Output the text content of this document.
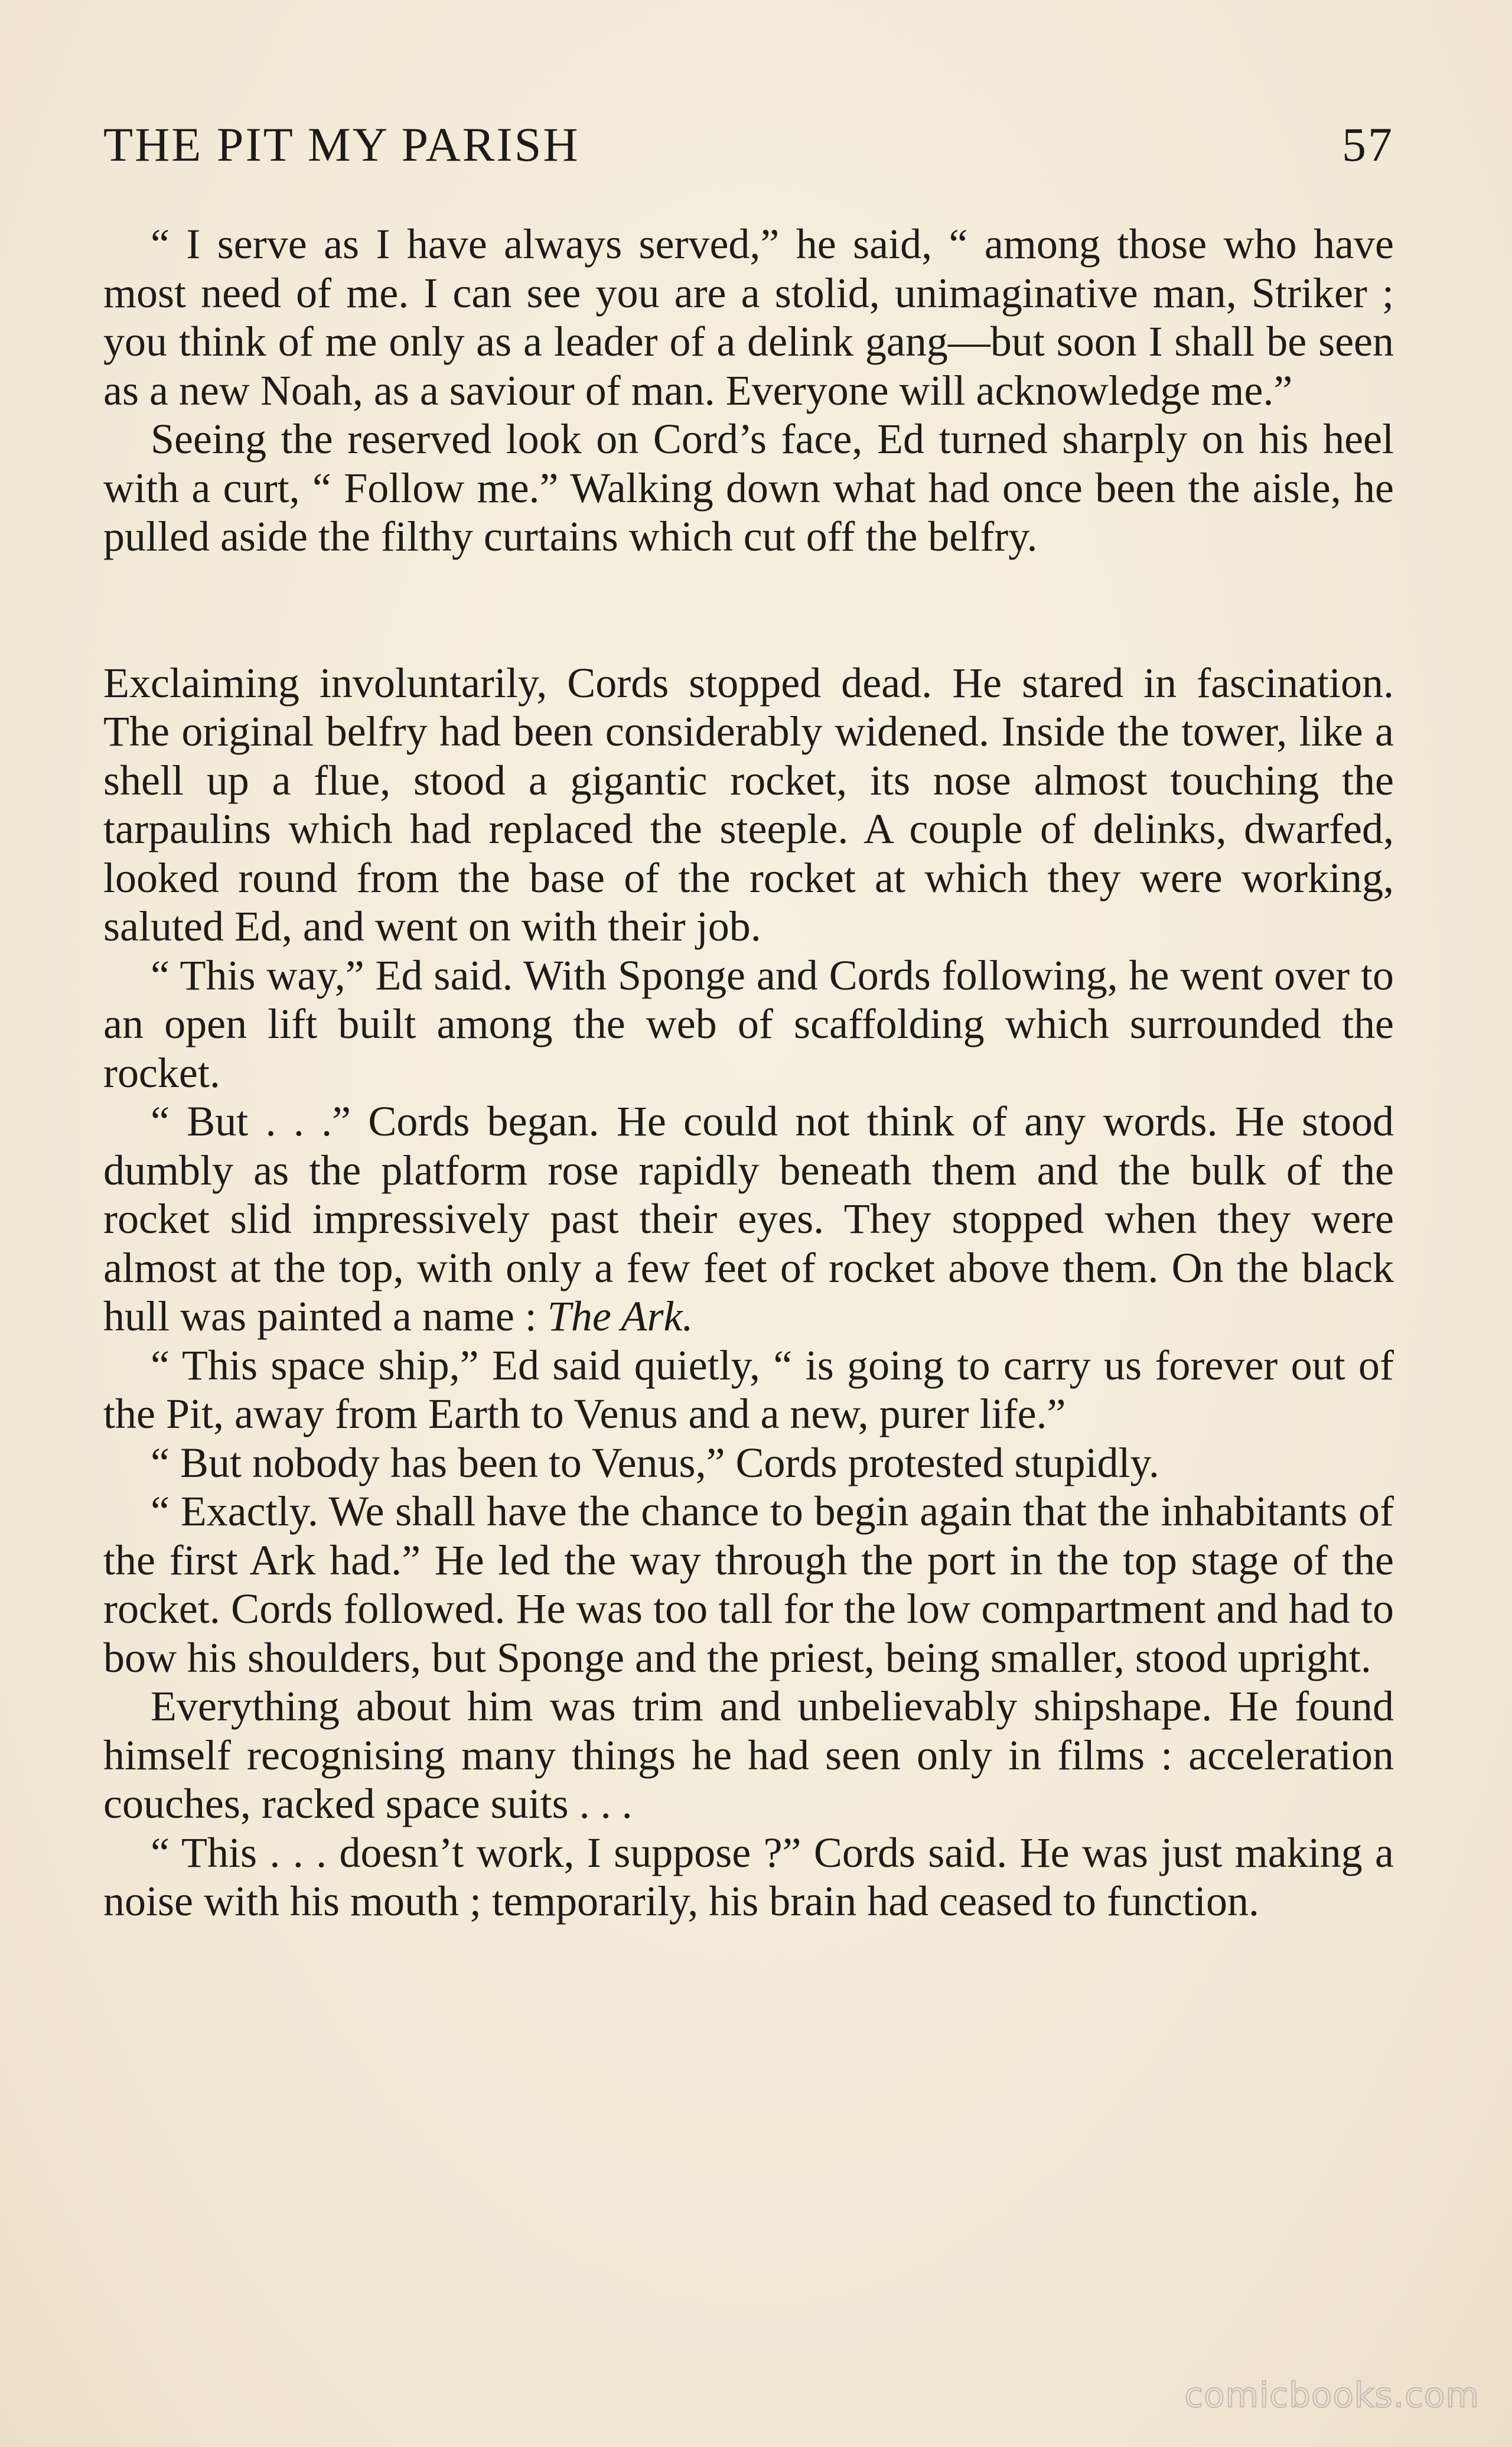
THE PIT MY PARISH	57

“ I serve as I have always served,” he said, “ among those who have most need of me. I can see you are a stolid, unimaginative man, Striker ; you think of me only as a leader of a delink gang—but soon I shall be seen as a new Noah, as a saviour of man. Everyone will acknowledge me.”

Seeing the reserved look on Cord’s face, Ed turned sharply on his heel with a curt, “ Follow me.” Walking down what had once been the aisle, he pulled aside the filthy curtains which cut off the belfry.

Exclaiming involuntarily, Cords stopped dead. He stared in fascination. The original belfry had been considerably widened. Inside the tower, like a shell up a flue, stood a gigantic rocket, its nose almost touching the tarpaulins which had replaced the steeple. A couple of delinks, dwarfed, looked round from the base of the rocket at which they were working, saluted Ed, and went on with their job.

“ This way,” Ed said. With Sponge and Cords following, he went over to an open lift built among the web of scaffolding which surrounded the rocket.

“ But . . .” Cords began. He could not think of any words. He stood dumbly as the platform rose rapidly beneath them and the bulk of the rocket slid impressively past their eyes. They stopped when they were almost at the top, with only a few feet of rocket above them. On the black hull was painted a name : The Ark.

“ This space ship,” Ed said quietly, “ is going to carry us forever out of the Pit, away from Earth to Venus and a new, purer life.”

“ But nobody has been to Venus,” Cords protested stupidly.

“ Exactly. We shall have the chance to begin again that the inhabitants of the first Ark had.” He led the way through the port in the top stage of the rocket. Cords followed. He was too tall for the low compartment and had to bow his shoulders, but Sponge and the priest, being smaller, stood upright.

Everything about him was trim and unbelievably shipshape. He found himself recognising many things he had seen only in films : acceleration couches, racked space suits . . .

“ This . . . doesn’t work, I suppose ?” Cords said. He was just making a noise with his mouth ; temporarily, his brain had ceased to function.

comicbooks.com
